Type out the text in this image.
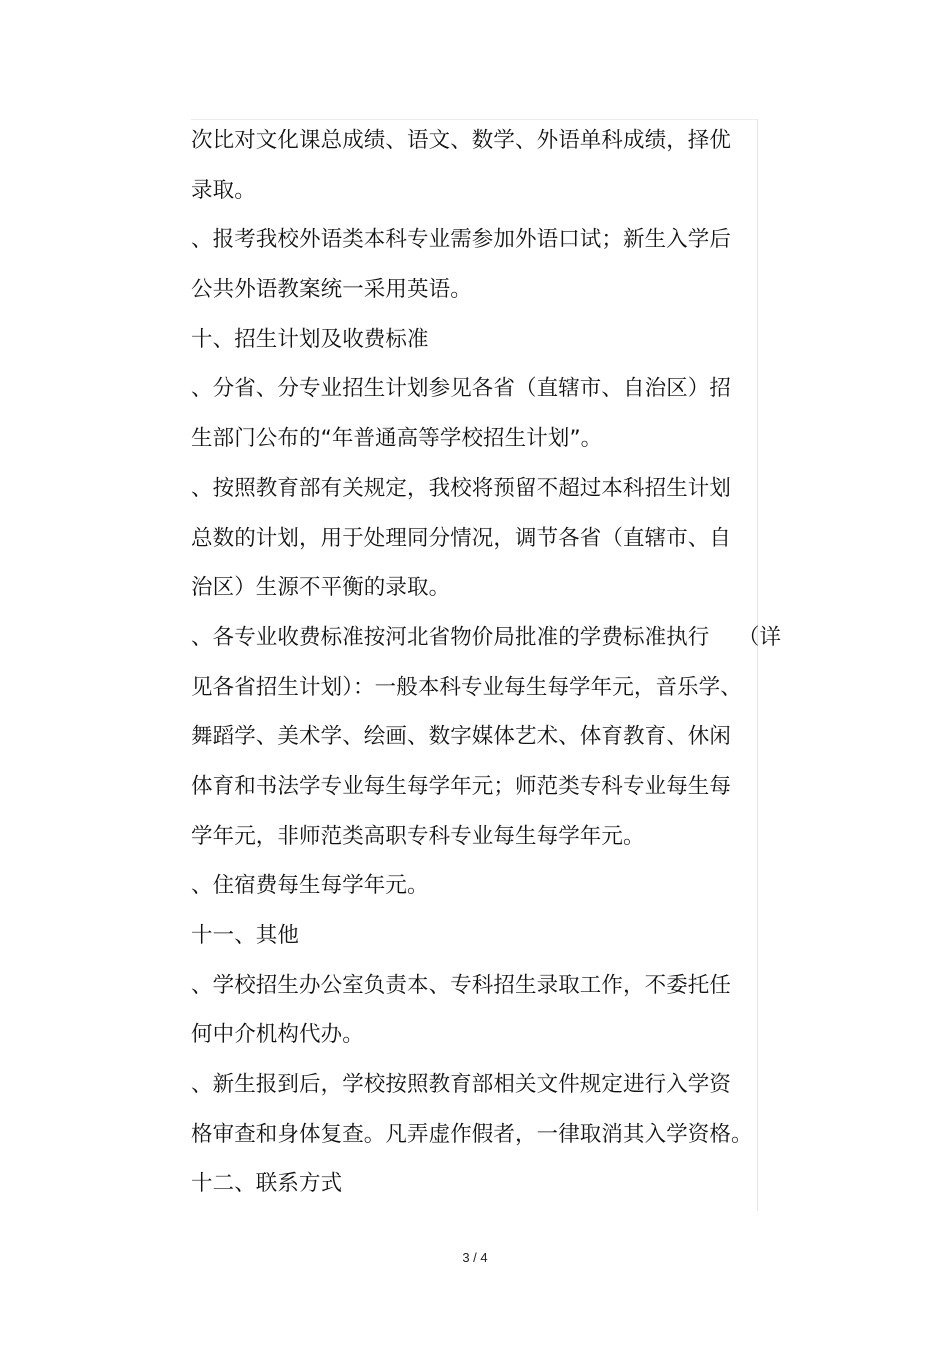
次比对文化课总成绩、语文、数学、外语单科成绩，择优
录取。
、报考我校外语类本科专业需参加外语口试；新生入学后
公共外语教案统一采用英语。
十、招生计划及收费标准
、分省、分专业招生计划参见各省（直辖市、自治区）招
生部门公布的“年普通高等学校招生计划”。
、按照教育部有关规定，我校将预留不超过本科招生计划
总数的计划，用于处理同分情况，调节各省（直辖市、自
治区）生源不平衡的录取。
、各专业收费标准按河北省物价局批准的学费标准执行　 （详
见各省招生计划）：一般本科专业每生每学年元，音乐学、
舞蹈学、美术学、绘画、数字媒体艺术、体育教育、休闲
体育和书法学专业每生每学年元；师范类专科专业每生每
学年元，非师范类高职专科专业每生每学年元。
、住宿费每生每学年元。
十一、其他
、学校招生办公室负责本、专科招生录取工作，不委托任
何中介机构代办。
、新生报到后，学校按照教育部相关文件规定进行入学资
格审查和身体复查。凡弄虚作假者，一律取消其入学资格。
十二、联系方式
3 / 4
